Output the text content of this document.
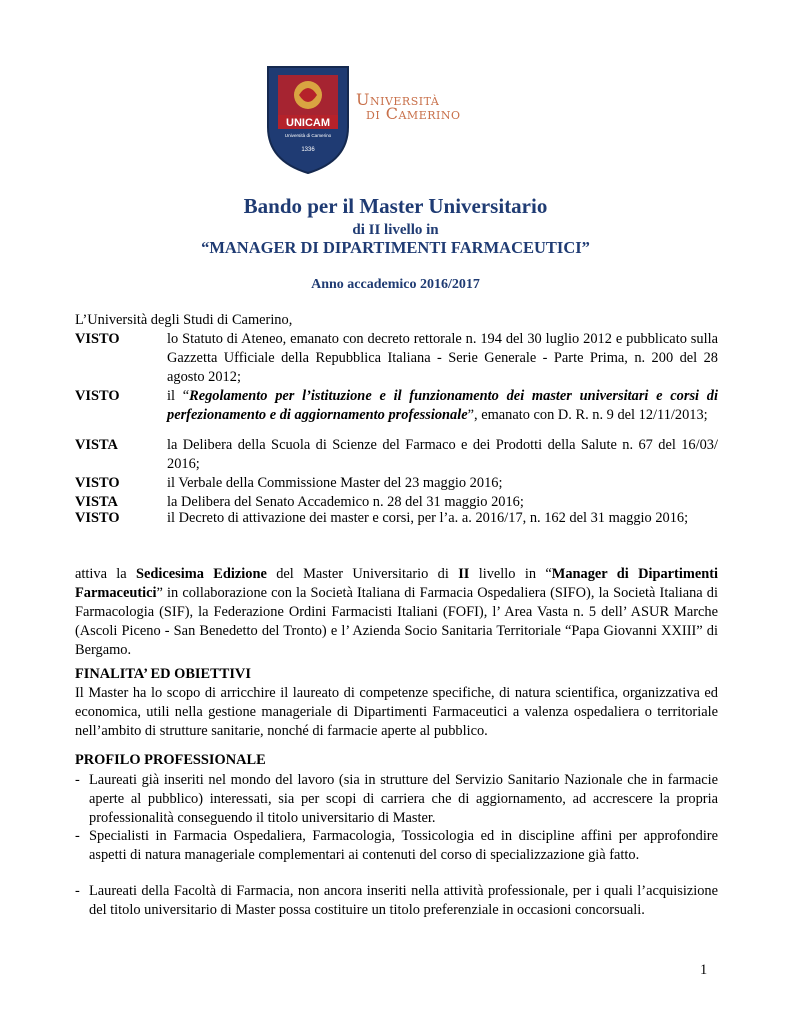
UNICAM
Università di Camerino
1336
Università
di Camerino
Bando per il Master Universitario
di II livello in
“MANAGER DI DIPARTIMENTI FARMACEUTICI”
Anno accademico 2016/2017
L’Università degli Studi di Camerino,
VISTO	lo Statuto di Ateneo, emanato con decreto rettorale n. 194 del 30 luglio 2012 e pubblicato sulla Gazzetta Ufficiale della Repubblica Italiana - Serie Generale - Parte Prima, n. 200 del 28 agosto 2012;
VISTO	il “Regolamento per l’istituzione e il funzionamento dei master universitari e corsi di perfezionamento e di aggiornamento professionale”, emanato con D. R. n. 9 del 12/11/2013;
VISTA	la Delibera della Scuola di Scienze del Farmaco e dei Prodotti della Salute n. 67 del 16/03/ 2016;
VISTO	il Verbale della Commissione Master del 23 maggio 2016;
VISTA	la Delibera del Senato Accademico n. 28 del 31 maggio 2016;
VISTO	il Decreto di attivazione dei master e corsi, per l’a. a. 2016/17, n. 162 del 31 maggio 2016;
attiva la Sedicesima Edizione del Master Universitario di II livello in “Manager di Dipartimenti Farmaceutici” in collaborazione con la Società Italiana di Farmacia Ospedaliera (SIFO), la Società Italiana di Farmacologia (SIF), la Federazione Ordini Farmacisti Italiani (FOFI), l’ Area Vasta n. 5 dell’ ASUR Marche (Ascoli Piceno - San Benedetto del Tronto) e l’ Azienda Socio Sanitaria Territoriale “Papa Giovanni XXIII” di Bergamo.
FINALITA’ ED OBIETTIVI
Il Master ha lo scopo di arricchire il laureato di competenze specifiche, di natura scientifica, organizzativa ed economica, utili nella gestione manageriale di Dipartimenti Farmaceutici a valenza ospedaliera o territoriale nell’ambito di strutture sanitarie, nonché di farmacie aperte al pubblico.
PROFILO PROFESSIONALE
- Laureati già inseriti nel mondo del lavoro (sia in strutture del Servizio Sanitario Nazionale che in farmacie aperte al pubblico) interessati, sia per scopi di carriera che di aggiornamento, ad accrescere la propria professionalità conseguendo il titolo universitario di Master.
- Specialisti in Farmacia Ospedaliera, Farmacologia, Tossicologia ed in discipline affini per approfondire aspetti di natura manageriale complementari ai contenuti del corso di specializzazione già fatto.
- Laureati della Facoltà di Farmacia, non ancora inseriti nella attività professionale, per i quali l’acquisizione del titolo universitario di Master possa costituire un titolo preferenziale in occasioni concorsuali.
1
